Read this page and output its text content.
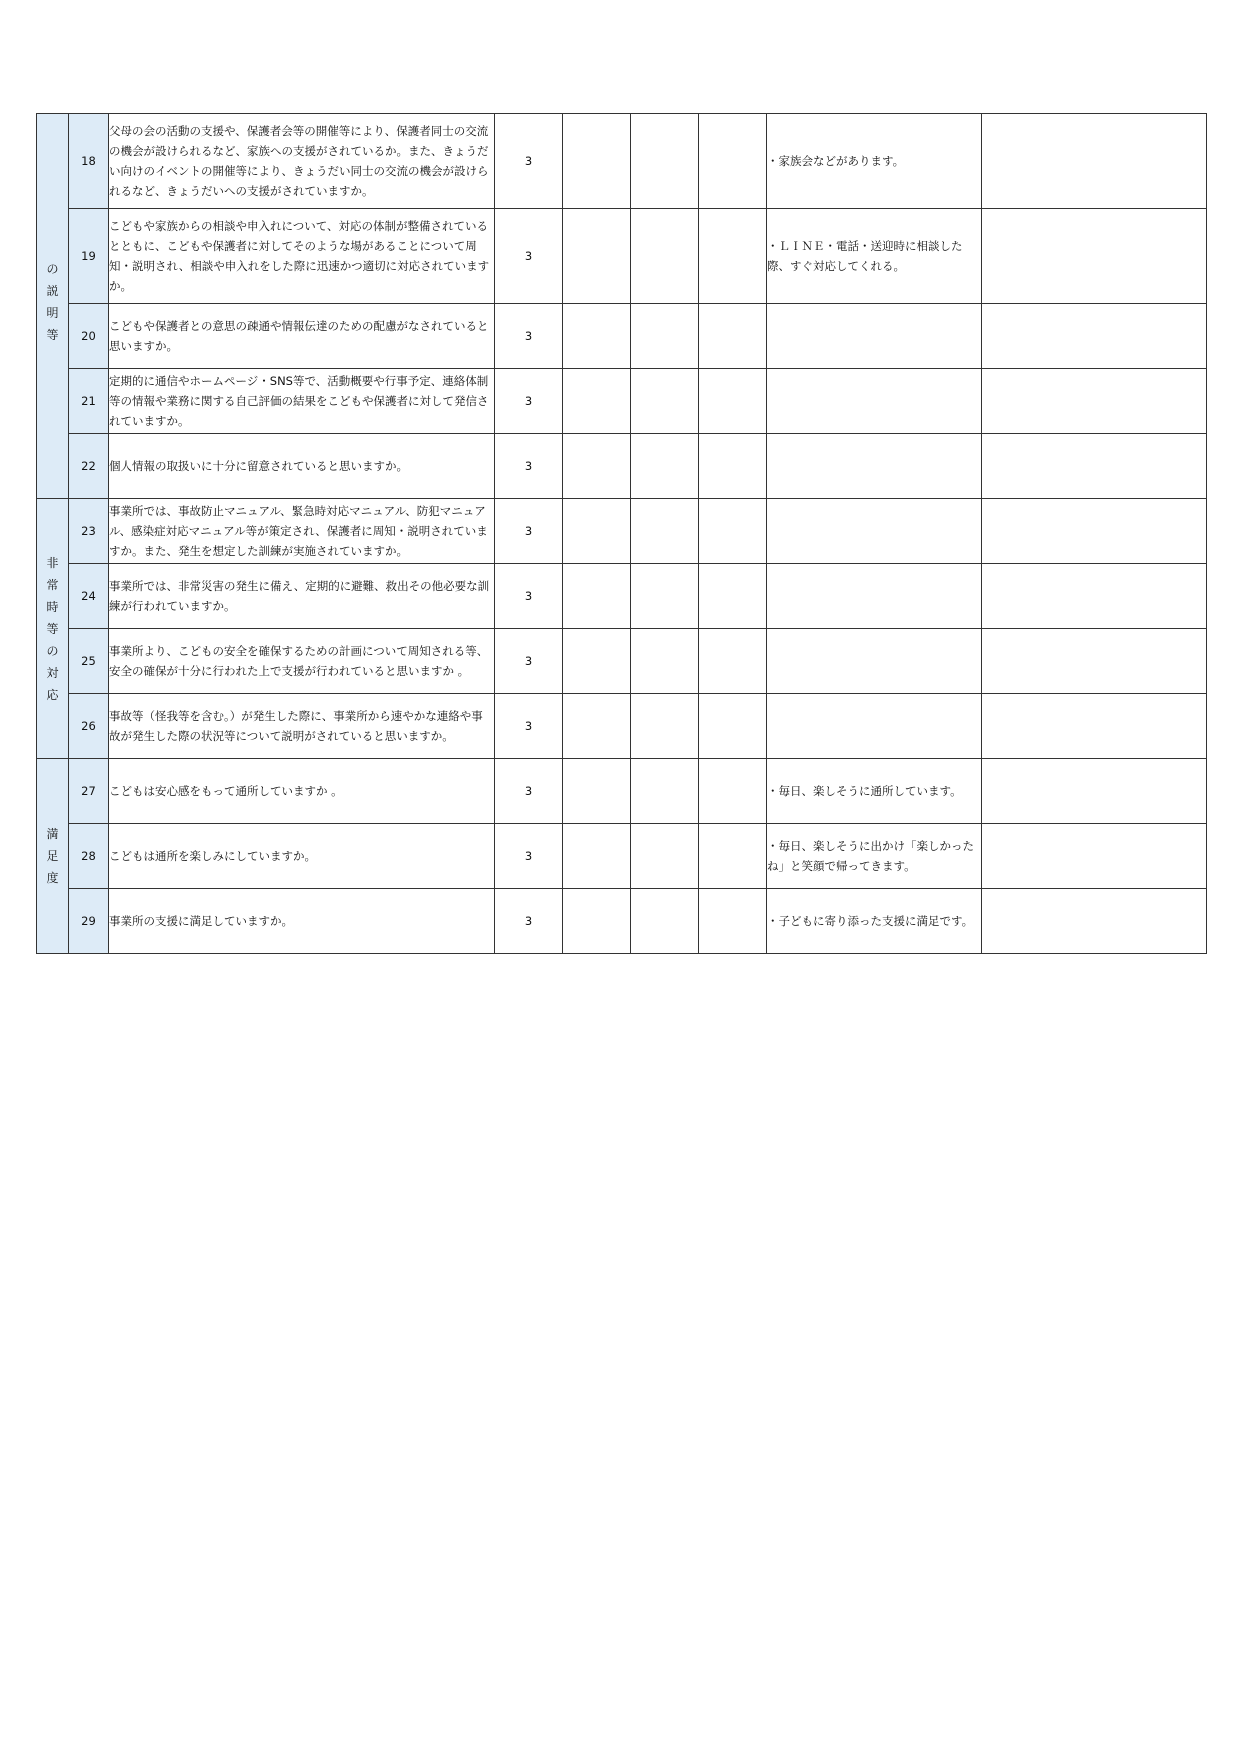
の説明等	18	父母の会の活動の支援や、保護者会等の開催等により、保護者同士の交流の機会が設けられるなど、家族への支援がされているか。また、きょうだい向けのイベントの開催等により、きょうだい同士の交流の機会が設けられるなど、きょうだいへの支援がされていますか。	3				・家族会などがあります。	
	19	こどもや家族からの相談や申入れについて、対応の体制が整備されているとともに、こどもや保護者に対してそのような場があることについて周知・説明され、相談や申入れをした際に迅速かつ適切に対応されていますか。	3				・ＬＩＮＥ・電話・送迎時に相談した際、すぐ対応してくれる。	
	20	こどもや保護者との意思の疎通や情報伝達のための配慮がなされていると思いますか。	3					
	21	定期的に通信やホームページ・SNS等で、活動概要や行事予定、連絡体制等の情報や業務に関する自己評価の結果をこどもや保護者に対して発信されていますか。	3					
	22	個人情報の取扱いに十分に留意されていると思いますか。	3					
非常時等の対応	23	事業所では、事故防止マニュアル、緊急時対応マニュアル、防犯マニュアル、感染症対応マニュアル等が策定され、保護者に周知・説明されていますか。また、発生を想定した訓練が実施されていますか。	3					
	24	事業所では、非常災害の発生に備え、定期的に避難、救出その他必要な訓練が行われていますか。	3					
	25	事業所より、こどもの安全を確保するための計画について周知される等、安全の確保が十分に行われた上で支援が行われていると思いますか 。	3					
	26	事故等（怪我等を含む。）が発生した際に、事業所から速やかな連絡や事故が発生した際の状況等について説明がされていると思いますか。	3					
満足度	27	こどもは安心感をもって通所していますか 。	3				・毎日、楽しそうに通所しています。	
	28	こどもは通所を楽しみにしていますか。	3				・毎日、楽しそうに出かけ「楽しかったね」と笑顔で帰ってきます。	
	29	事業所の支援に満足していますか。	3				・子どもに寄り添った支援に満足です。	
